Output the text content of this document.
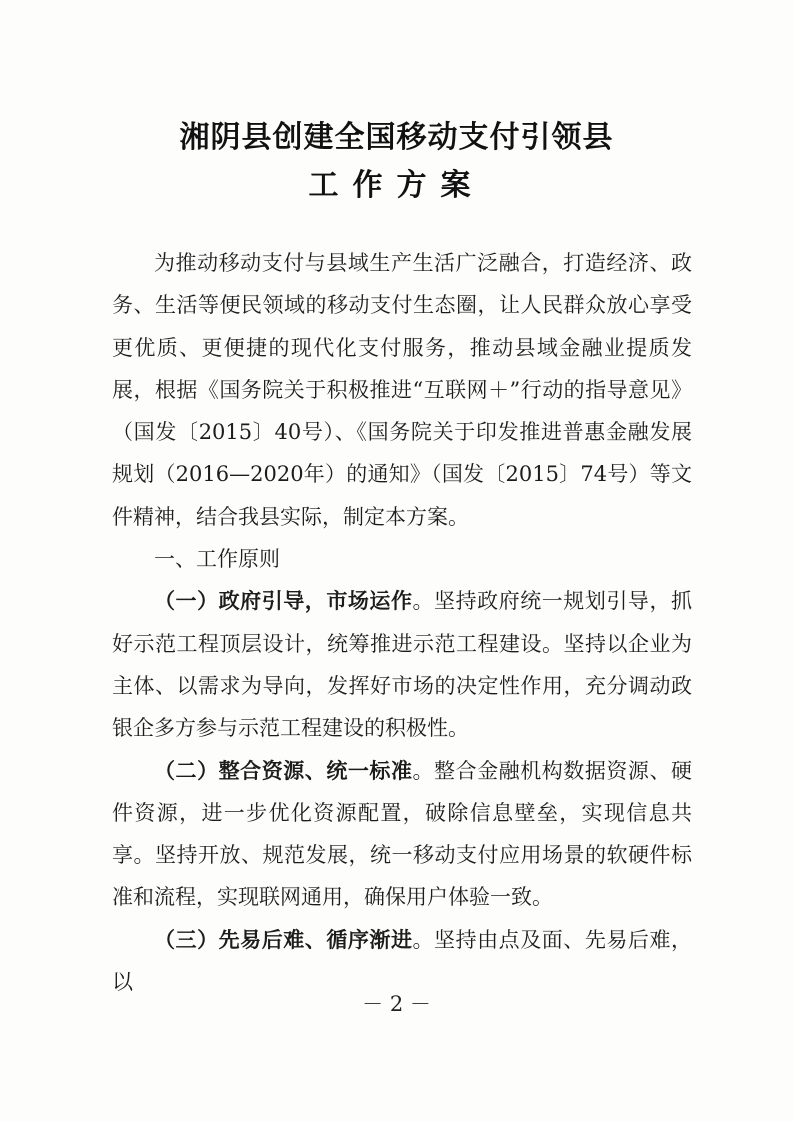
湘阴县创建全国移动支付引领县
工作方案

为推动移动支付与县域生产生活广泛融合，打造经济、政务、生活等便民领域的移动支付生态圈，让人民群众放心享受更优质、更便捷的现代化支付服务，推动县域金融业提质发展，根据《国务院关于积极推进“互联网＋”行动的指导意见》（国发〔2015〕40号）、《国务院关于印发推进普惠金融发展规划（2016—2020年）的通知》（国发〔2015〕74号）等文件精神，结合我县实际，制定本方案。

一、工作原则

（一）政府引导，市场运作。坚持政府统一规划引导，抓好示范工程顶层设计，统筹推进示范工程建设。坚持以企业为主体、以需求为导向，发挥好市场的决定性作用，充分调动政银企多方参与示范工程建设的积极性。

（二）整合资源、统一标准。整合金融机构数据资源、硬件资源，进一步优化资源配置，破除信息壁垒，实现信息共享。坚持开放、规范发展，统一移动支付应用场景的软硬件标准和流程，实现联网通用，确保用户体验一致。

（三）先易后难、循序渐进。坚持由点及面、先易后难，以

－ 2 －
